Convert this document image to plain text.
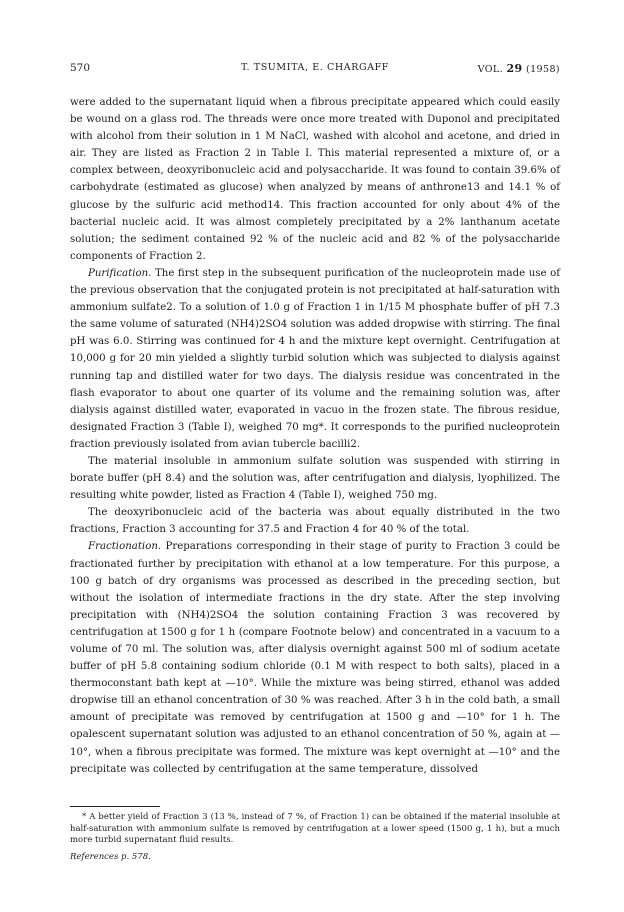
570	T. TSUMITA, E. CHARGAFF	VOL. 29 (1958)

were added to the supernatant liquid when a fibrous precipitate appeared which could easily be wound on a glass rod. The threads were once more treated with Duponol and precipitated with alcohol from their solution in 1 M NaCl, washed with alcohol and acetone, and dried in air. They are listed as Fraction 2 in Table I. This material represented a mixture of, or a complex between, deoxyribonucleic acid and polysaccharide. It was found to contain 39.6% of carbohydrate (estimated as glucose) when analyzed by means of anthrone13 and 14.1 % of glucose by the sulfuric acid method14. This fraction accounted for only about 4% of the bacterial nucleic acid. It was almost completely precipitated by a 2% lanthanum acetate solution; the sediment contained 92 % of the nucleic acid and 82 % of the polysaccharide components of Fraction 2.

Purification. The first step in the subsequent purification of the nucleoprotein made use of the previous observation that the conjugated protein is not precipitated at half-saturation with ammonium sulfate2. To a solution of 1.0 g of Fraction 1 in 1/15 M phosphate buffer of pH 7.3 the same volume of saturated (NH4)2SO4 solution was added dropwise with stirring. The final pH was 6.0. Stirring was continued for 4 h and the mixture kept overnight. Centrifugation at 10,000 g for 20 min yielded a slightly turbid solution which was subjected to dialysis against running tap and distilled water for two days. The dialysis residue was concentrated in the flash evaporator to about one quarter of its volume and the remaining solution was, after dialysis against distilled water, evaporated in vacuo in the frozen state. The fibrous residue, designated Fraction 3 (Table I), weighed 70 mg*. It corresponds to the purified nucleoprotein fraction previously isolated from avian tubercle bacilli2.

The material insoluble in ammonium sulfate solution was suspended with stirring in borate buffer (pH 8.4) and the solution was, after centrifugation and dialysis, lyophilized. The resulting white powder, listed as Fraction 4 (Table I), weighed 750 mg.

The deoxyribonucleic acid of the bacteria was about equally distributed in the two fractions, Fraction 3 accounting for 37.5 and Fraction 4 for 40 % of the total.

Fractionation. Preparations corresponding in their stage of purity to Fraction 3 could be fractionated further by precipitation with ethanol at a low temperature. For this purpose, a 100 g batch of dry organisms was processed as described in the preceding section, but without the isolation of intermediate fractions in the dry state. After the step involving precipitation with (NH4)2SO4 the solution containing Fraction 3 was recovered by centrifugation at 1500 g for 1 h (compare Footnote below) and concentrated in a vacuum to a volume of 70 ml. The solution was, after dialysis overnight against 500 ml of sodium acetate buffer of pH 5.8 containing sodium chloride (0.1 M with respect to both salts), placed in a thermoconstant bath kept at —10°. While the mixture was being stirred, ethanol was added dropwise till an ethanol concentration of 30 % was reached. After 3 h in the cold bath, a small amount of precipitate was removed by centrifugation at 1500 g and —10° for 1 h. The opalescent supernatant solution was adjusted to an ethanol concentration of 50 %, again at —10°, when a fibrous precipitate was formed. The mixture was kept overnight at —10° and the precipitate was collected by centrifugation at the same temperature, dissolved

* A better yield of Fraction 3 (13 %, instead of 7 %, of Fraction 1) can be obtained if the material insoluble at half-saturation with ammonium sulfate is removed by centrifugation at a lower speed (1500 g, 1 h), but a much more turbid supernatant fluid results.
References p. 578.
